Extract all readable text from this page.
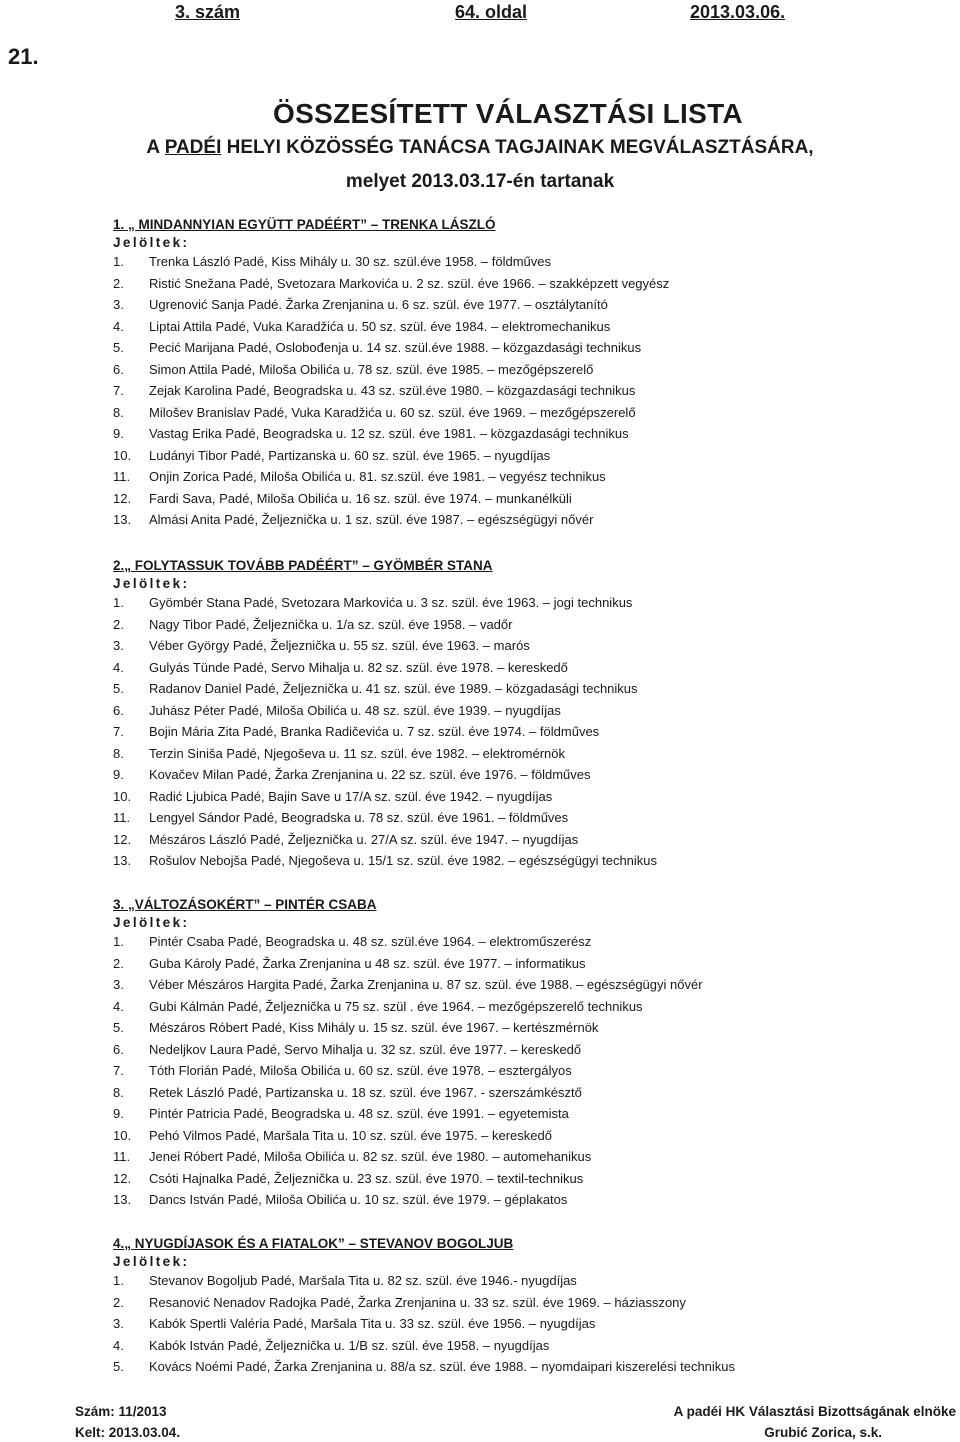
3. szám	64. oldal	2013.03.06.
21.
ÖSSZESÍTETT VÁLASZTÁSI LISTA
A PADÉI HELYI KÖZÖSSÉG TANÁCSA TAGJAINAK MEGVÁLASZTÁSÁRA,
melyet 2013.03.17-én tartanak
1. „ MINDANNYIAN EGYÜTT PADÉÉRT” – TRENKA LÁSZLÓ
Jelöltek:
1. Trenka László Padé, Kiss Mihály u. 30 sz. szül.éve 1958. – földműves
2. Ristić Snežana Padé, Svetozara Markovića u. 2 sz. szül. éve 1966. – szakképzett vegyész
3. Ugrenović Sanja Padé. Žarka Zrenjanina u. 6 sz. szül. éve 1977. – osztálytanító
4. Liptai Attila Padé, Vuka Karadžića u. 50 sz. szül. éve 1984. – elektromechanikus
5. Pecić Marijana Padé, Oslobođenja u. 14 sz. szül.éve 1988. – közgazdasági technikus
6. Simon Attila Padé, Miloša Obilića u. 78 sz. szül. éve 1985. – mezőgépszerelő
7. Zejak Karolina Padé, Beogradska u. 43 sz. szül.éve 1980. – közgazdasági technikus
8. Milošev Branislav Padé, Vuka Karadžića u. 60 sz. szül. éve 1969. – mezőgépszerelő
9. Vastag Erika Padé, Beogradska u. 12 sz. szül. éve 1981. – közgazdasági technikus
10. Ludányi Tibor Padé, Partizanska u. 60 sz. szül. éve 1965. – nyugdíjas
11. Onjin Zorica Padé, Miloša Obilića u. 81. sz.szül. éve 1981. – vegyész technikus
12. Fardi Sava, Padé, Miloša Obilića u. 16 sz. szül. éve 1974. – munkanélküli
13. Almási Anita Padé, Željeznička u. 1 sz. szül. éve 1987. – egészségügyi nővér
2.„ FOLYTASSUK TOVÁBB PADÉÉRT” – GYÖMBÉR STANA
Jelöltek:
1. Gyömbér Stana Padé, Svetozara Markovića u. 3 sz. szül. éve 1963. – jogi technikus
2. Nagy Tibor Padé, Željeznička u. 1/a sz. szül. éve 1958. – vadőr
3. Véber György Padé, Željeznička u. 55 sz. szül. éve 1963. – marós
4. Gulyás Tünde Padé, Servo Mihalja u. 82 sz. szül. éve 1978. – kereskedő
5. Radanov Daniel Padé, Željeznička u. 41 sz. szül. éve 1989. – közgadasági technikus
6. Juhász Péter Padé, Miloša Obilića u. 48 sz. szül. éve 1939. – nyugdíjas
7. Bojin Mária Zita Padé, Branka Radičevića u. 7 sz. szül. éve 1974. – földműves
8. Terzin Siniša Padé, Njegoševa u. 11 sz. szül. éve 1982. – elektromérnök
9. Kovačev Milan Padé, Žarka Zrenjanina u. 22 sz. szül. éve 1976. – földműves
10. Radić Ljubica Padé, Bajin Save u 17/A sz. szül. éve 1942. – nyugdíjas
11. Lengyel Sándor Padé, Beogradska u. 78 sz. szül. éve 1961. – földműves
12. Mészáros László Padé, Željeznička u. 27/A sz. szül. éve 1947. – nyugdíjas
13. Rošulov Nebojša Padé, Njegoševa u. 15/1 sz. szül. éve 1982. – egészségügyi technikus
3. „VÁLTOZÁSOKÉRT” – PINTÉR CSABA
Jelöltek:
1. Pintér Csaba Padé, Beogradska u. 48 sz. szül.éve 1964. – elektroműszerész
2. Guba Károly Padé, Žarka Zrenjanina u 48 sz. szül. éve 1977. – informatikus
3. Véber Mészáros Hargita Padé, Žarka Zrenjanina u. 87 sz. szül. éve 1988. – egészségügyi nővér
4. Gubi Kálmán Padé, Željeznička u 75 sz. szül . éve 1964. – mezőgépszerelő technikus
5. Mészáros Róbert Padé, Kiss Mihály u. 15 sz. szül. éve 1967. – kertészmérnök
6. Nedeljkov Laura Padé, Servo Mihalja u. 32 sz. szül. éve 1977. – kereskedő
7. Tóth Florián Padé, Miloša Obilića u. 60 sz. szül. éve 1978. – esztergályos
8. Retek László Padé, Partizanska u. 18 sz. szül. éve 1967. - szerszámkésztő
9. Pintér Patricia Padé, Beogradska u. 48 sz. szül. éve 1991. – egyetemista
10. Pehó Vilmos Padé, Maršala Tita u. 10 sz. szül. éve 1975. – kereskedő
11. Jenei Róbert Padé, Miloša Obilića u. 82 sz. szül. éve 1980. – automehanikus
12. Csóti Hajnalka Padé, Željeznička u. 23 sz. szül. éve 1970. – textil-technikus
13. Dancs István Padé, Miloša Obilića u. 10 sz. szül. éve 1979. – géplakatos
4.„ NYUGDÍJASOK ÉS A FIATALOK” – STEVANOV BOGOLJUB
Jelöltek:
1. Stevanov Bogoljub Padé, Maršala Tita u. 82 sz. szül. éve 1946.- nyugdíjas
2. Resanović Nenadov Radojka Padé, Žarka Zrenjanina u. 33 sz. szül. éve 1969. – háziasszony
3. Kabók Spertli Valéria Padé, Maršala Tita u. 33 sz. szül. éve 1956. – nyugdíjas
4. Kabók István Padé, Željeznička u. 1/B sz. szül. éve 1958. – nyugdíjas
5. Kovács Noémi Padé, Žarka Zrenjanina u. 88/a sz. szül. éve 1988. – nyomdaipari kiszerelési technikus
Szám: 11/2013
Kelt: 2013.03.04.
A padéi HK Választási Bizottságának elnöke
Grubić Zorica, s.k.
